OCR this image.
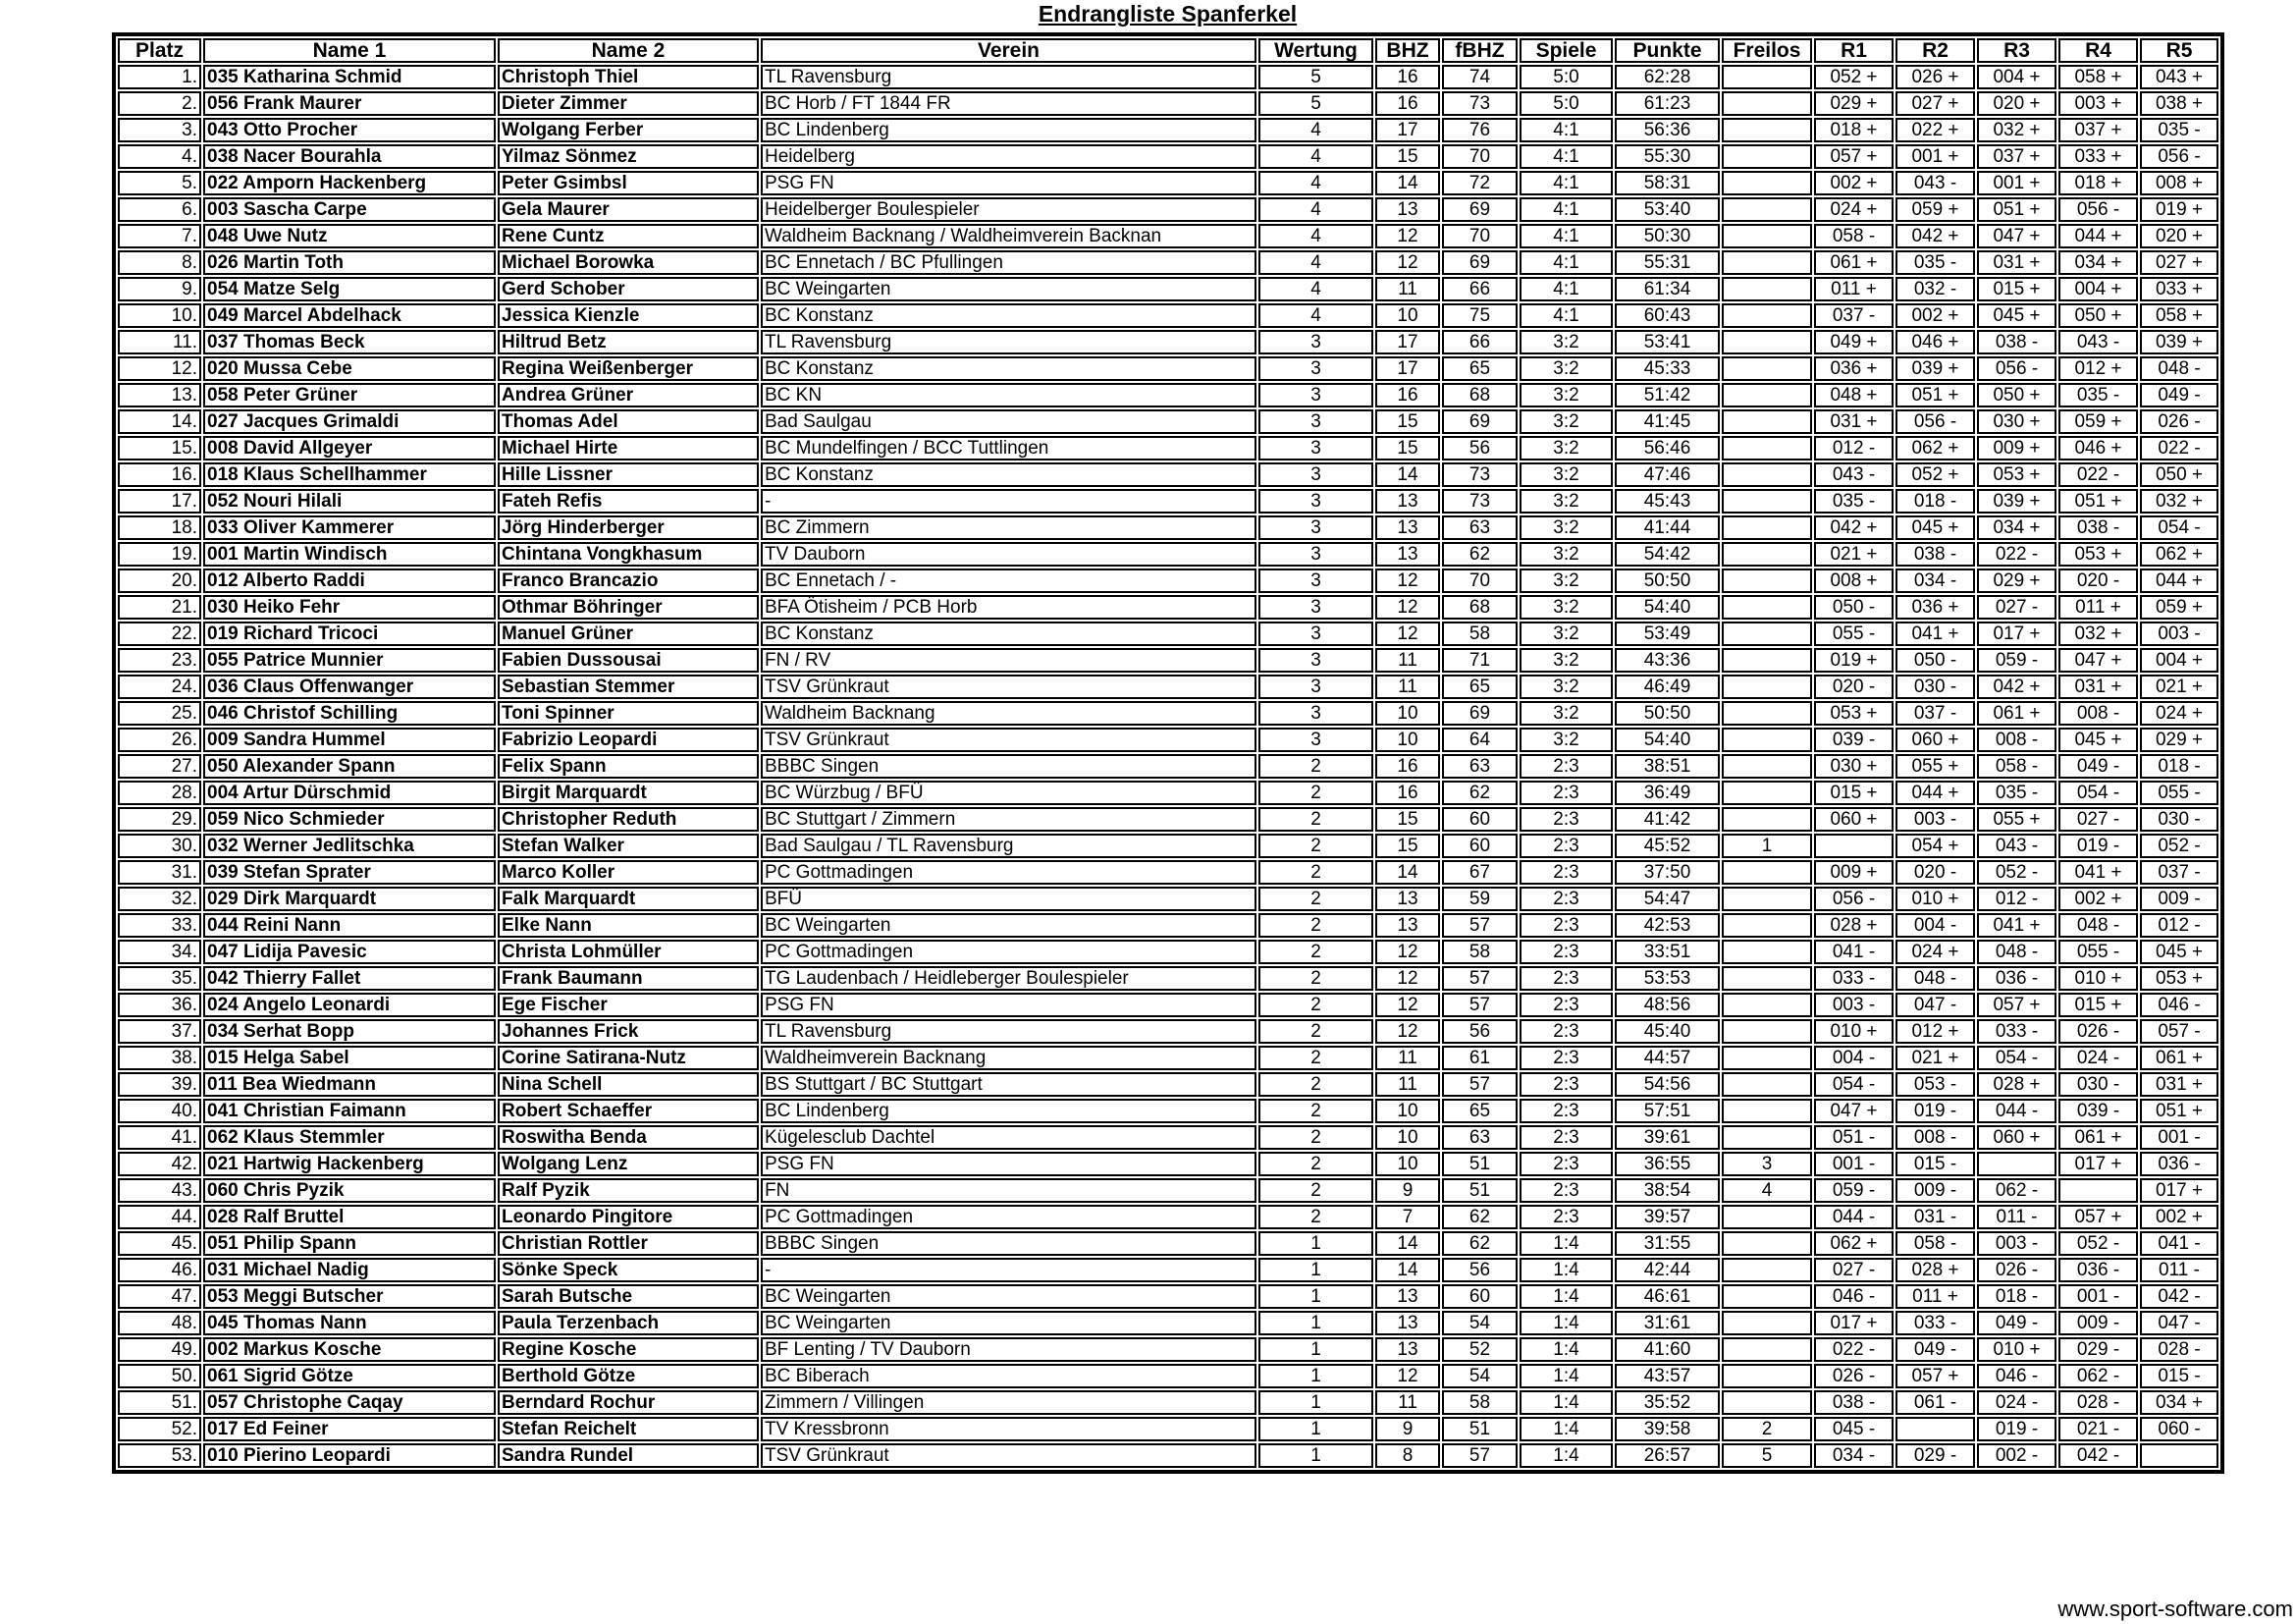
Endrangliste Spanferkel
Platz	Name 1	Name 2	Verein	Wertung	BHZ	fBHZ	Spiele	Punkte	Freilos	R1	R2	R3	R4	R5
1.	035 Katharina Schmid	Christoph Thiel	TL Ravensburg	5	16	74	5:0	62:28		052 +	026 +	004 +	058 +	043 +
2.	056 Frank Maurer	Dieter Zimmer	BC Horb / FT 1844 FR	5	16	73	5:0	61:23		029 +	027 +	020 +	003 +	038 +
3.	043 Otto Procher	Wolgang Ferber	BC Lindenberg	4	17	76	4:1	56:36		018 +	022 +	032 +	037 +	035 -
4.	038 Nacer Bourahla	Yilmaz Sönmez	Heidelberg	4	15	70	4:1	55:30		057 +	001 +	037 +	033 +	056 -
5.	022 Amporn Hackenberg	Peter Gsimbsl	PSG FN	4	14	72	4:1	58:31		002 +	043 -	001 +	018 +	008 +
6.	003 Sascha Carpe	Gela Maurer	Heidelberger Boulespieler	4	13	69	4:1	53:40		024 +	059 +	051 +	056 -	019 +
7.	048 Uwe Nutz	Rene Cuntz	Waldheim Backnang / Waldheimverein Backnan	4	12	70	4:1	50:30		058 -	042 +	047 +	044 +	020 +
8.	026 Martin Toth	Michael Borowka	BC Ennetach / BC Pfullingen	4	12	69	4:1	55:31		061 +	035 -	031 +	034 +	027 +
9.	054 Matze Selg	Gerd Schober	BC Weingarten	4	11	66	4:1	61:34		011 +	032 -	015 +	004 +	033 +
10.	049 Marcel Abdelhack	Jessica Kienzle	BC Konstanz	4	10	75	4:1	60:43		037 -	002 +	045 +	050 +	058 +
11.	037 Thomas Beck	Hiltrud Betz	TL Ravensburg	3	17	66	3:2	53:41		049 +	046 +	038 -	043 -	039 +
12.	020 Mussa Cebe	Regina Weißenberger	BC Konstanz	3	17	65	3:2	45:33		036 +	039 +	056 -	012 +	048 -
13.	058 Peter Grüner	Andrea Grüner	BC KN	3	16	68	3:2	51:42		048 +	051 +	050 +	035 -	049 -
14.	027 Jacques Grimaldi	Thomas Adel	Bad Saulgau	3	15	69	3:2	41:45		031 +	056 -	030 +	059 +	026 -
15.	008 David Allgeyer	Michael Hirte	BC Mundelfingen / BCC Tuttlingen	3	15	56	3:2	56:46		012 -	062 +	009 +	046 +	022 -
16.	018 Klaus Schellhammer	Hille Lissner	BC Konstanz	3	14	73	3:2	47:46		043 -	052 +	053 +	022 -	050 +
17.	052 Nouri Hilali	Fateh Refis	-	3	13	73	3:2	45:43		035 -	018 -	039 +	051 +	032 +
18.	033 Oliver Kammerer	Jörg Hinderberger	BC Zimmern	3	13	63	3:2	41:44		042 +	045 +	034 +	038 -	054 -
19.	001 Martin Windisch	Chintana Vongkhasum	TV Dauborn	3	13	62	3:2	54:42		021 +	038 -	022 -	053 +	062 +
20.	012 Alberto Raddi	Franco Brancazio	BC Ennetach / -	3	12	70	3:2	50:50		008 +	034 -	029 +	020 -	044 +
21.	030 Heiko Fehr	Othmar Böhringer	BFA Ötisheim / PCB Horb	3	12	68	3:2	54:40		050 -	036 +	027 -	011 +	059 +
22.	019 Richard Tricoci	Manuel Grüner	BC Konstanz	3	12	58	3:2	53:49		055 -	041 +	017 +	032 +	003 -
23.	055 Patrice Munnier	Fabien Dussousai	FN / RV	3	11	71	3:2	43:36		019 +	050 -	059 -	047 +	004 +
24.	036 Claus Offenwanger	Sebastian Stemmer	TSV Grünkraut	3	11	65	3:2	46:49		020 -	030 -	042 +	031 +	021 +
25.	046 Christof Schilling	Toni Spinner	Waldheim Backnang	3	10	69	3:2	50:50		053 +	037 -	061 +	008 -	024 +
26.	009 Sandra Hummel	Fabrizio Leopardi	TSV Grünkraut	3	10	64	3:2	54:40		039 -	060 +	008 -	045 +	029 +
27.	050 Alexander Spann	Felix Spann	BBBC Singen	2	16	63	2:3	38:51		030 +	055 +	058 -	049 -	018 -
28.	004 Artur Dürschmid	Birgit Marquardt	BC Würzbug / BFÜ	2	16	62	2:3	36:49		015 +	044 +	035 -	054 -	055 -
29.	059 Nico Schmieder	Christopher Reduth	BC Stuttgart / Zimmern	2	15	60	2:3	41:42		060 +	003 -	055 +	027 -	030 -
30.	032 Werner Jedlitschka	Stefan Walker	Bad Saulgau / TL Ravensburg	2	15	60	2:3	45:52	1		054 +	043 -	019 -	052 -
31.	039 Stefan Sprater	Marco Koller	PC Gottmadingen	2	14	67	2:3	37:50		009 +	020 -	052 -	041 +	037 -
32.	029 Dirk Marquardt	Falk Marquardt	BFÜ	2	13	59	2:3	54:47		056 -	010 +	012 -	002 +	009 -
33.	044 Reini Nann	Elke Nann	BC Weingarten	2	13	57	2:3	42:53		028 +	004 -	041 +	048 -	012 -
34.	047 Lidija Pavesic	Christa Lohmüller	PC Gottmadingen	2	12	58	2:3	33:51		041 -	024 +	048 -	055 -	045 +
35.	042 Thierry Fallet	Frank Baumann	TG Laudenbach / Heidleberger Boulespieler	2	12	57	2:3	53:53		033 -	048 -	036 -	010 +	053 +
36.	024 Angelo Leonardi	Ege Fischer	PSG FN	2	12	57	2:3	48:56		003 -	047 -	057 +	015 +	046 -
37.	034 Serhat Bopp	Johannes Frick	TL Ravensburg	2	12	56	2:3	45:40		010 +	012 +	033 -	026 -	057 -
38.	015 Helga Sabel	Corine Satirana-Nutz	Waldheimverein Backnang	2	11	61	2:3	44:57		004 -	021 +	054 -	024 -	061 +
39.	011 Bea Wiedmann	Nina Schell	BS Stuttgart / BC Stuttgart	2	11	57	2:3	54:56		054 -	053 -	028 +	030 -	031 +
40.	041 Christian Faimann	Robert Schaeffer	BC Lindenberg	2	10	65	2:3	57:51		047 +	019 -	044 -	039 -	051 +
41.	062 Klaus Stemmler	Roswitha Benda	Kügelesclub Dachtel	2	10	63	2:3	39:61		051 -	008 -	060 +	061 +	001 -
42.	021 Hartwig Hackenberg	Wolgang Lenz	PSG FN	2	10	51	2:3	36:55	3	001 -	015 -		017 +	036 -
43.	060 Chris Pyzik	Ralf Pyzik	FN	2	9	51	2:3	38:54	4	059 -	009 -	062 -		017 +
44.	028 Ralf Bruttel	Leonardo Pingitore	PC Gottmadingen	2	7	62	2:3	39:57		044 -	031 -	011 -	057 +	002 +
45.	051 Philip Spann	Christian Rottler	BBBC Singen	1	14	62	1:4	31:55		062 +	058 -	003 -	052 -	041 -
46.	031 Michael Nadig	Sönke Speck	-	1	14	56	1:4	42:44		027 -	028 +	026 -	036 -	011 -
47.	053 Meggi Butscher	Sarah Butsche	BC Weingarten	1	13	60	1:4	46:61		046 -	011 +	018 -	001 -	042 -
48.	045 Thomas Nann	Paula Terzenbach	BC Weingarten	1	13	54	1:4	31:61		017 +	033 -	049 -	009 -	047 -
49.	002 Markus Kosche	Regine Kosche	BF Lenting / TV Dauborn	1	13	52	1:4	41:60		022 -	049 -	010 +	029 -	028 -
50.	061 Sigrid Götze	Berthold Götze	BC Biberach	1	12	54	1:4	43:57		026 -	057 +	046 -	062 -	015 -
51.	057 Christophe Caqay	Berndard Rochur	Zimmern / Villingen	1	11	58	1:4	35:52		038 -	061 -	024 -	028 -	034 +
52.	017 Ed Feiner	Stefan Reichelt	TV Kressbronn	1	9	51	1:4	39:58	2	045 -		019 -	021 -	060 -
53.	010 Pierino Leopardi	Sandra Rundel	TSV Grünkraut	1	8	57	1:4	26:57	5	034 -	029 -	002 -	042 -	
www.sport-software.com
